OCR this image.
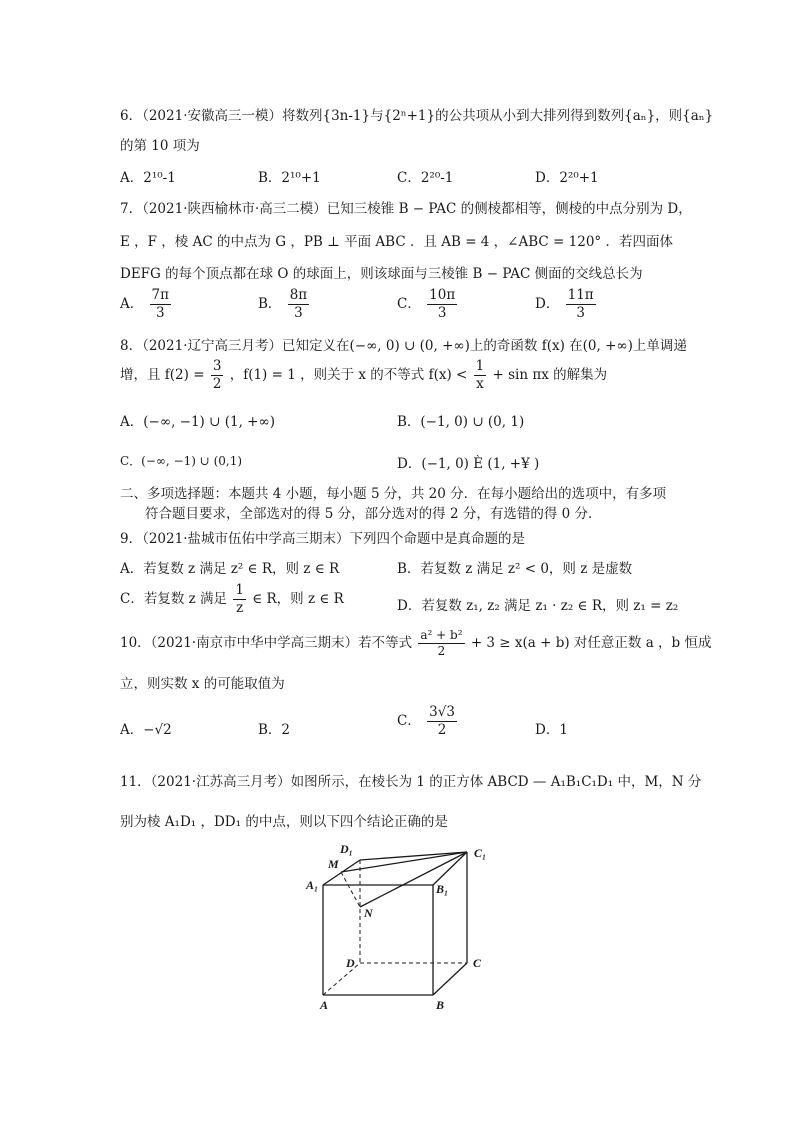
6．（2021·安徽高三一模）将数列{3n-1}与{2ⁿ+1}的公共项从小到大排列得到数列{aₙ}，则{aₙ}
的第 10 项为
A．2¹⁰-1	B．2¹⁰+1	C．2²⁰-1	D．2²⁰+1
7．（2021·陕西榆林市·高三二模）已知三棱锥 B − PAC 的侧棱都相等，侧棱的中点分别为 D，
E ，F ，棱 AC 的中点为 G ，PB ⊥ 平面 ABC ．且 AB = 4 ，∠ABC = 120° ．若四面体
DEFG 的每个顶点都在球 O 的球面上，则该球面与三棱锥 B − PAC 侧面的交线总长为
A． $\frac{7\pi}{3}$	B． $\frac{8\pi}{3}$	C． $\frac{10\pi}{3}$	D． $\frac{11\pi}{3}$
8．（2021·辽宁高三月考）已知定义在(−∞, 0) ∪ (0, +∞)上的奇函数 f(x) 在(0, +∞)上单调递
增，且 $f(2) = \frac{3}{2}$ ，f(1) = 1 ，则关于 x 的不等式 $f(x) < \frac{1}{x} + \sin \pi x$ 的解集为
A．(−∞, −1) ∪ (1, +∞)	B．(−1, 0) ∪ (0, 1)
C．(−∞, −1) ∪ (0,1)	D．(−1, 0) È (1, +¥ )
二、多项选择题：本题共 4 小题，每小题 5 分，共 20 分．在每小题给出的选项中，有多项
符合题目要求，全部选对的得 5 分，部分选对的得 2 分，有选错的得 0 分．
9．（2021·盐城市伍佑中学高三期末）下列四个命题中是真命题的是
A．若复数 z 满足 z² ∈ R，则 z ∈ R	B．若复数 z 满足 z² < 0，则 z 是虚数
C．若复数 z 满足 $\frac{1}{z}$ ∈ R，则 z ∈ R	D．若复数 z₁, z₂ 满足 z₁ · z₂ ∈ R，则 z₁ = z₂
10．（2021·南京市中华中学高三期末）若不等式 $\frac{\text{a² + b²}}{2} + 3 \ge x(a + b)$ 对任意正数 a ，b 恒成
立，则实数 x 的可能取值为
A．−√2	B．2
C． $\frac{3√3}{2}$	D．1
11．（2021·江苏高三月考）如图所示，在棱长为 1 的正方体 ABCD — A₁B₁C₁D₁ 中，M，N 分
别为棱 A₁D₁ ，DD₁ 的中点，则以下四个结论正确的是
D₁	C₁
M
A₁	B₁
N
D	C
A	B
